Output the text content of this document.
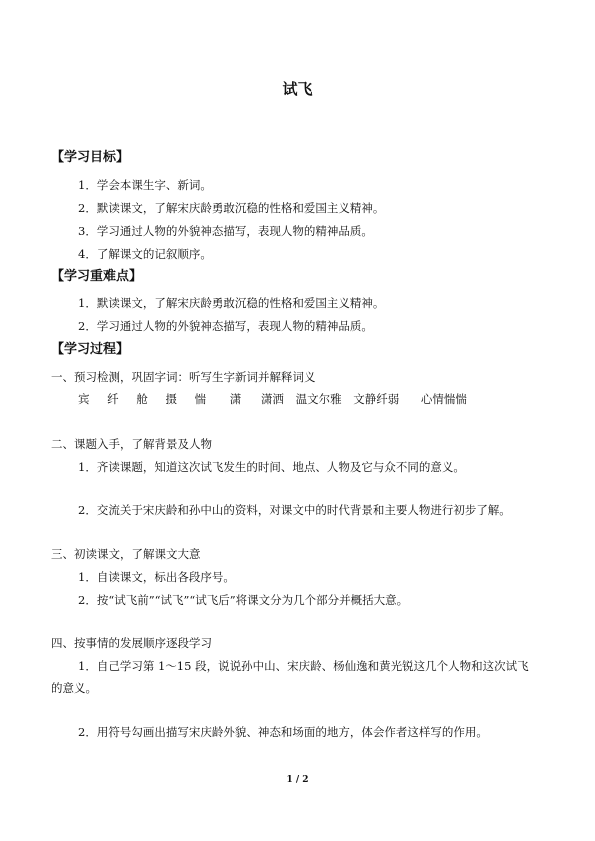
试飞
【学习目标】
1．学会本课生字、新词。
2．默读课文，了解宋庆龄勇敢沉稳的性格和爱国主义精神。
3．学习通过人物的外貌神态描写，表现人物的精神品质。
4．了解课文的记叙顺序。
【学习重难点】
1．默读课文，了解宋庆龄勇敢沉稳的性格和爱国主义精神。
2．学习通过人物的外貌神态描写，表现人物的精神品质。
【学习过程】
一、预习检测，巩固字词：听写生字新词并解释词义
宾 纤 舱 摄 惴 潇 潇洒 温文尔雅 文静纤弱 心情惴惴
二、课题入手，了解背景及人物
1．齐读课题，知道这次试飞发生的时间、地点、人物及它与众不同的意义。
2．交流关于宋庆龄和孙中山的资料，对课文中的时代背景和主要人物进行初步了解。
三、初读课文，了解课文大意
1．自读课文，标出各段序号。
2．按“试飞前”“试飞”“试飞后”将课文分为几个部分并概括大意。
四、按事情的发展顺序逐段学习
1．自己学习第 1～15 段，说说孙中山、宋庆龄、杨仙逸和黄光锐这几个人物和这次试飞
的意义。
2．用符号勾画出描写宋庆龄外貌、神态和场面的地方，体会作者这样写的作用。
1 / 2
